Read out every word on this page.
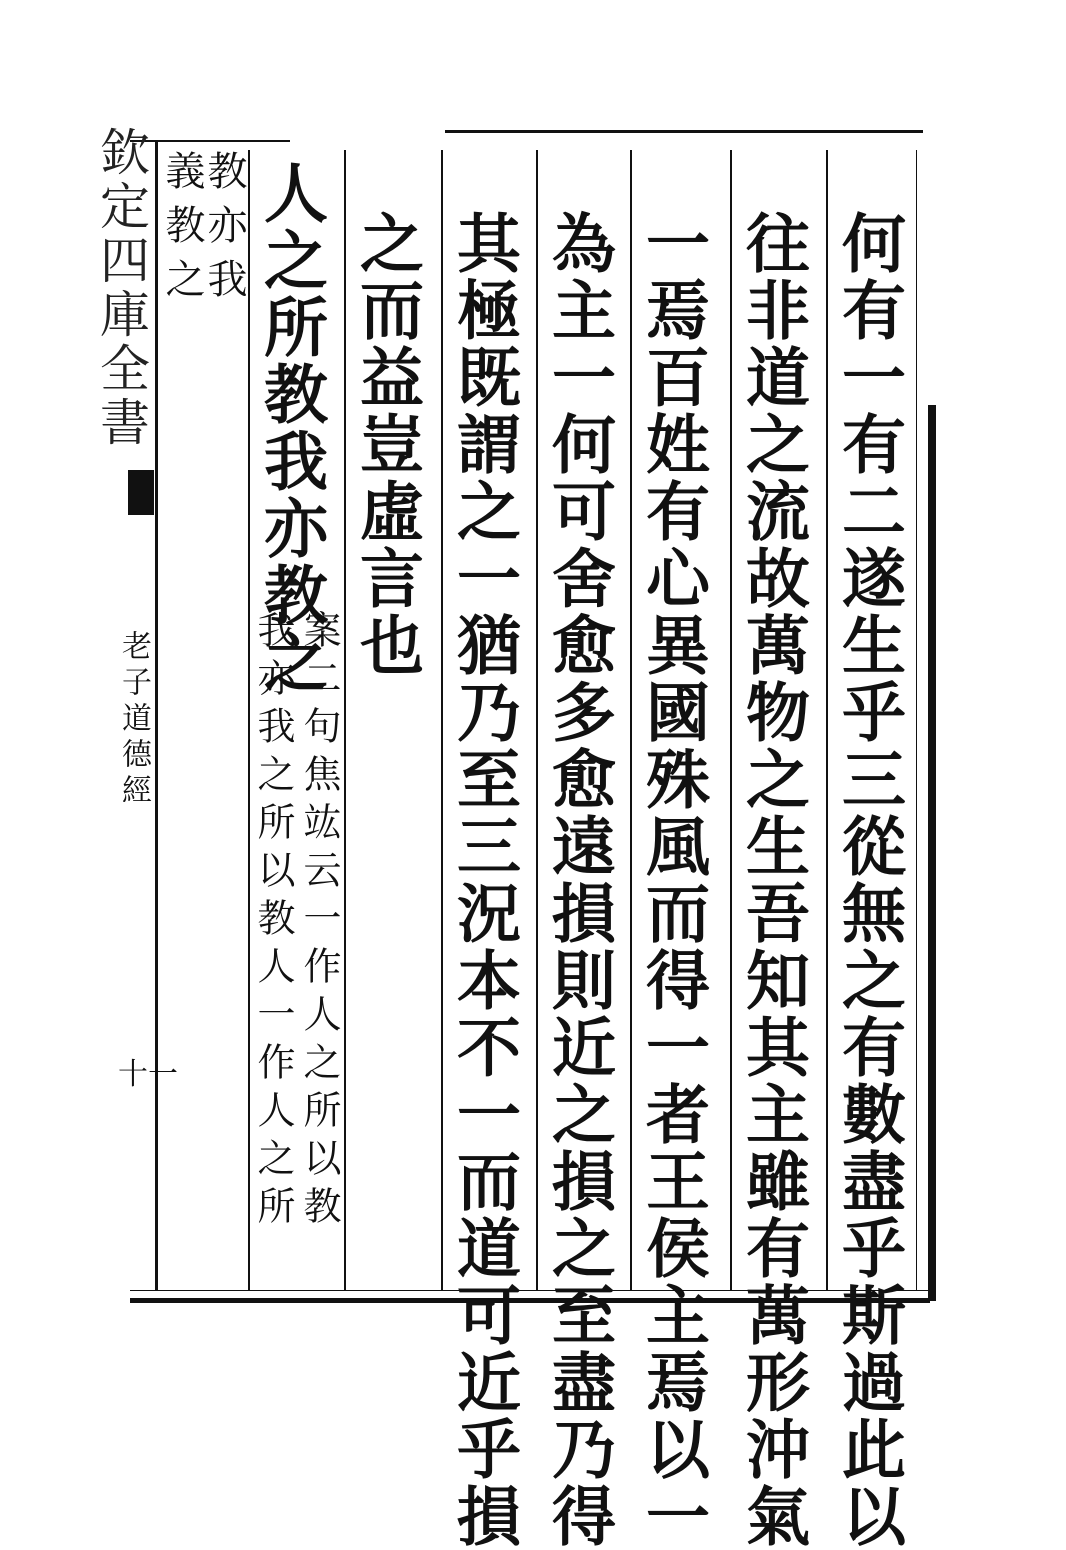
欽定四庫全書
老子道德經
十一	何有一有二遂生乎三從無之有數盡乎斯過此以
往非道之流故萬物之生吾知其主雖有萬形沖氣
一焉百姓有心異國殊風而得一者王侯主焉以一
為主一何可舍愈多愈遠損則近之損之至盡乃得
其極既謂之一猶乃至三況本不一而道可近乎損
之而益豈虛言也
人之所教我亦教之
案二句焦竑云一作人之所以教
我亦我之所以教人一作人之所
教亦我
義教之
